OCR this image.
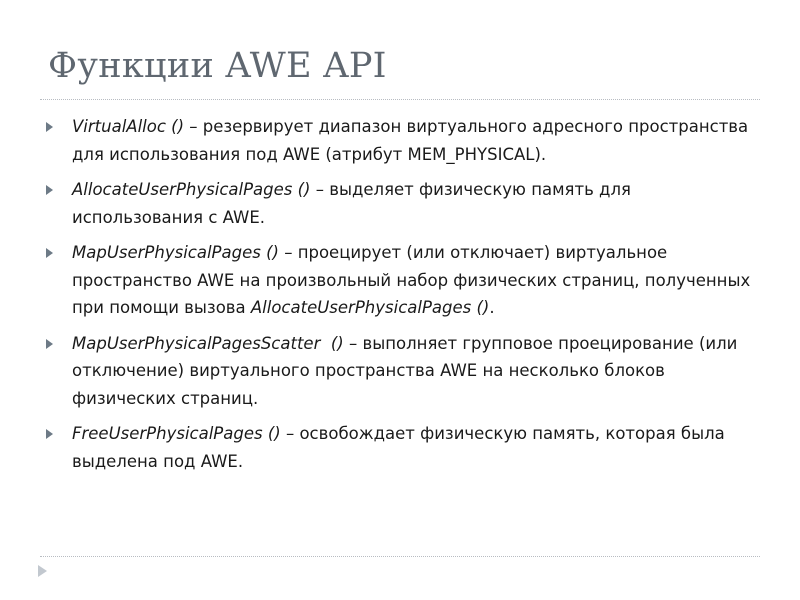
Функции AWE API
VirtualAlloc () – резервирует диапазон виртуального адресного пространства для использования под AWE (атрибут MEM_PHYSICAL).
AllocateUserPhysicalPages () – выделяет физическую память для использования с AWE.
MapUserPhysicalPages () – проецирует (или отключает) виртуальное пространство AWE на произвольный набор физических страниц, полученных при помощи вызова AllocateUserPhysicalPages ().
MapUserPhysicalPagesScatter  () – выполняет групповое проецирование (или отключение) виртуального пространства AWE на несколько блоков физических страниц.
FreeUserPhysicalPages () – освобождает физическую память, которая была выделена под AWE.
